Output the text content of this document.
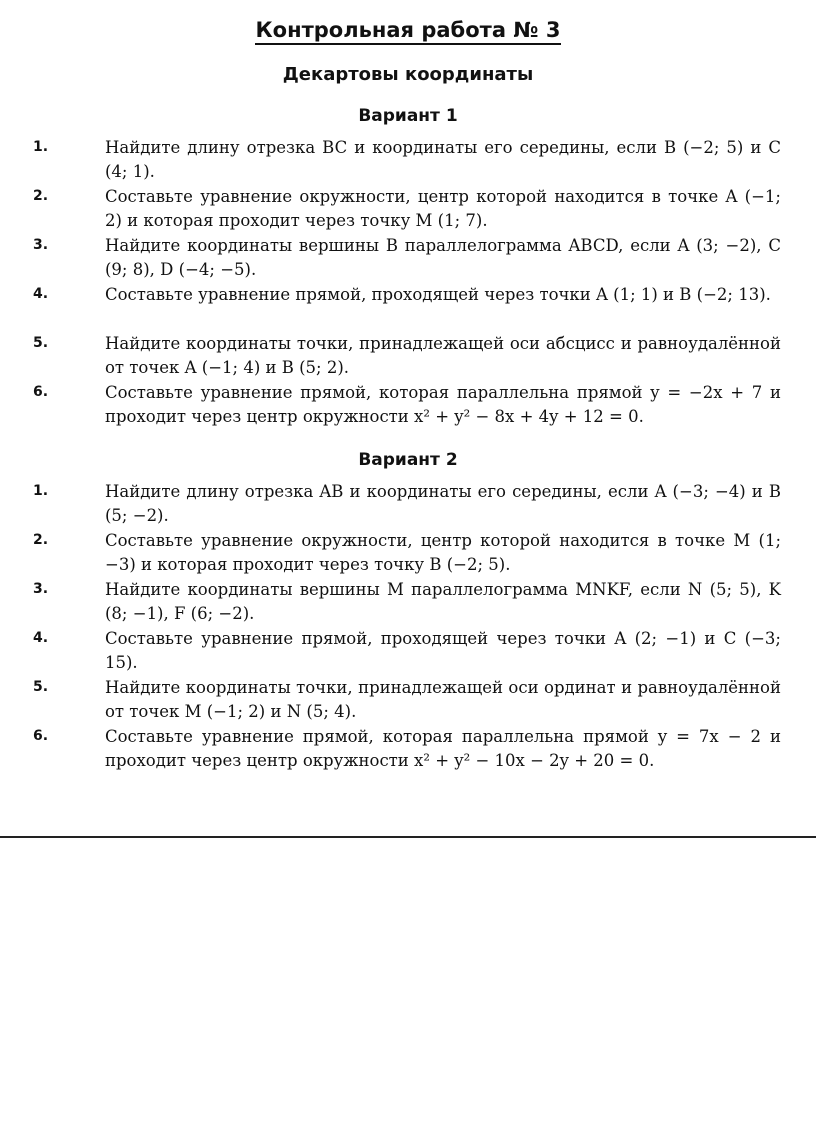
Контрольная работа № 3
Декартовы координаты
Вариант 1
1.	Найдите длину отрезка BC и координаты его середины, если B (−2; 5) и C (4; 1).
2.	Составьте уравнение окружности, центр которой находится в точке A (−1; 2) и которая проходит через точку M (1; 7).
3.	Найдите координаты вершины B параллелограмма ABCD, если A (3; −2), C (9; 8), D (−4; −5).
4.	Составьте уравнение прямой, проходящей через точки A (1; 1) и B (−2; 13).
5.	Найдите координаты точки, принадлежащей оси абсцисс и равноудалённой от точек A (−1; 4) и B (5; 2).
6.	Составьте уравнение прямой, которая параллельна прямой y = −2x + 7 и проходит через центр окружности x² + y² − 8x + 4y + 12 = 0.
Вариант 2
1.	Найдите длину отрезка AB и координаты его середины, если A (−3; −4) и B (5; −2).
2.	Составьте уравнение окружности, центр которой находится в точке M (1; −3) и которая проходит через точку B (−2; 5).
3.	Найдите координаты вершины M параллелограмма MNKF, если N (5; 5), K (8; −1), F (6; −2).
4.	Составьте уравнение прямой, проходящей через точки A (2; −1) и C (−3; 15).
5.	Найдите координаты точки, принадлежащей оси ординат и равноудалённой от точек M (−1; 2) и N (5; 4).
6.	Составьте уравнение прямой, которая параллельна прямой y = 7x − 2 и проходит через центр окружности x² + y² − 10x − 2y + 20 = 0.
